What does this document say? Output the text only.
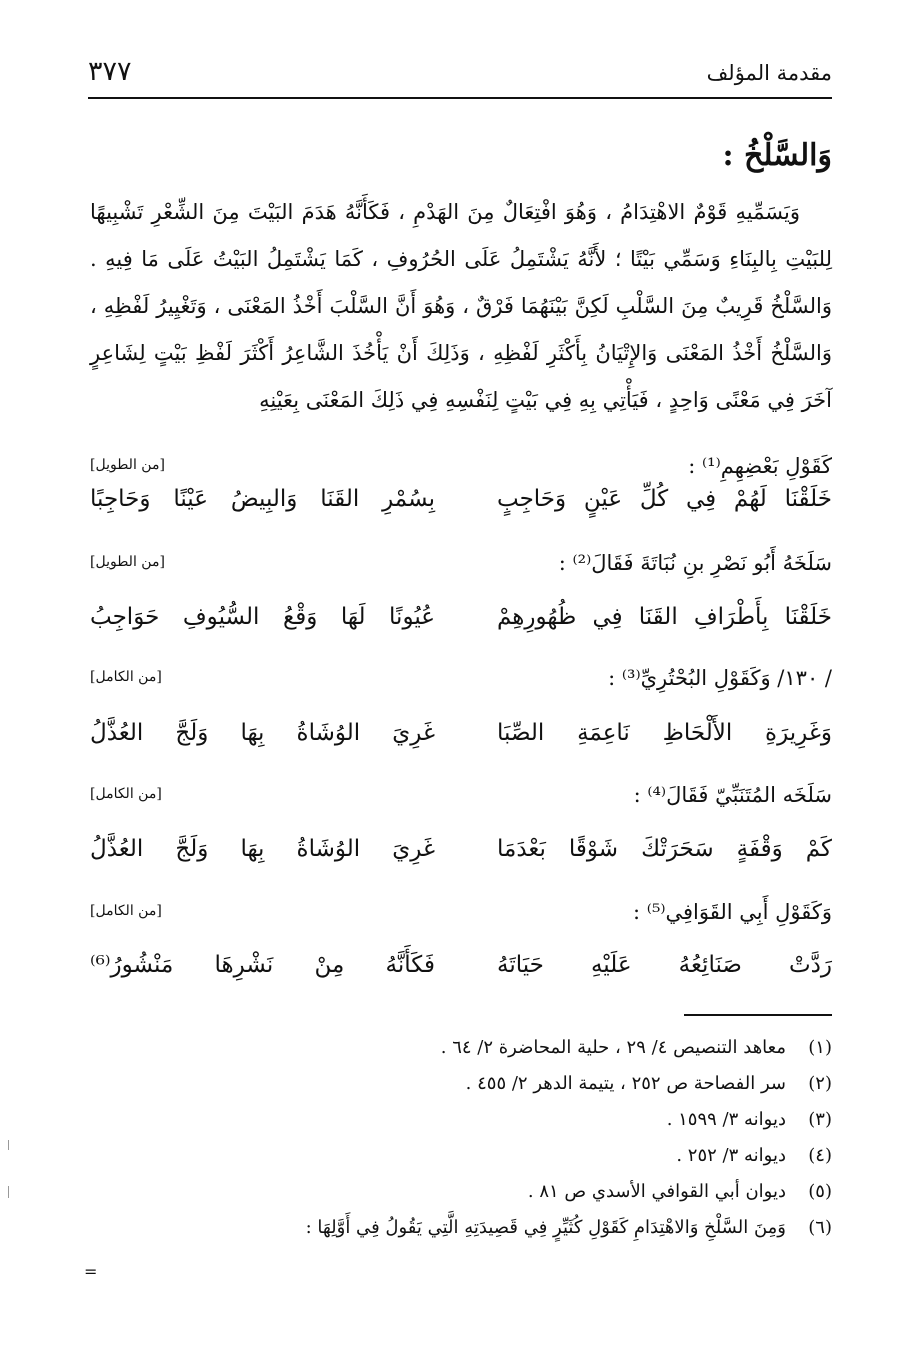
مقدمة المؤلف
٣٧٧
وَالسَّلْخُ :

وَيَسَمِّيهِ قَوْمٌ الاهْتِدَامُ ، وَهُوَ افْتِعَالٌ مِنَ الهَدْمِ ، فَكَأَنَّهُ هَدَمَ البَيْتَ مِنَ الشِّعْرِ تَشْبِيهًا لِلبَيْتِ بِالبِنَاءِ وَسَمِّي بَيْتًا ؛ لأَنَّهُ يَشْتَمِلُ عَلَى الحُرُوفِ ، كَمَا يَشْتَمِلُ البَيْتُ عَلَى مَا فِيهِ . وَالسَّلْخُ قَرِيبٌ مِنَ السَّلْبِ لَكِنَّ بَيْنَهُمَا فَرْقٌ ، وَهُوَ أَنَّ السَّلْبَ أَخْذُ المَعْنَى ، وَتَغْيِيرُ لَفْظِهِ ، وَالسَّلْخُ أَخْذُ المَعْنَى وَالإِتْيَانُ بِأَكْثَرِ لَفْظِهِ ، وَذَلِكَ أَنْ يَأْخُذَ الشَّاعِرُ أَكْثَرَ لَفْظِ بَيْتٍ لِشَاعِرٍ آخَرَ فِي مَعْنًى وَاحِدٍ ، فَيَأْتِي بِهِ فِي بَيْتٍ لِنَفْسِهِ فِي ذَلِكَ المَعْنَى بِعَيْنِهِ

كَقَوْلِ بَعْضِهِمِ⁽¹⁾ :
[من الطويل]
خَلَقْنَا لَهُمْ فِي كُلِّ عَيْنٍ وَحَاجِبٍ
بِسُمْرِ القَنَا وَالبِيضُ عَيْنًا وَحَاجِبًا
سَلَخَهُ أَبُو نَصْرِ بنِ نُبَاتَةَ فَقَالَ⁽²⁾ :
[من الطويل]
خَلَقْنَا بِأَطْرَافِ القَنَا فِي ظُهُورِهِمْ
عُيُونًا لَهَا وَقْعُ السُّيُوفِ حَوَاجِبُ
/ ١٣٠/ وَكَقَوْلِ البُحْتُرِيِّ⁽³⁾ :
[من الكامل]
وَغَرِيرَةِ الأَلْحَاظِ نَاعِمَةِ الصِّبَا
غَرِيَ الوُشَاةُ بِهَا وَلَجَّ العُذَّلُ
سَلَخَه المُتَنَبِّيّ فَقَالَ⁽⁴⁾ :
[من الكامل]
كَمْ وَقْفَةٍ سَحَرَتْكَ شَوْقًا بَعْدَمَا
غَرِيَ الوُشَاةُ بِهَا وَلَجَّ العُذَّلُ
وَكَقَوْلِ أَبِي القَوَافِي⁽⁵⁾ :
[من الكامل]
رَدَّتْ صَنَائِعُهُ عَلَيْهِ حَيَاتَهُ
فَكَأَنَّهُ مِنْ نَشْرِهَا مَنْشُورُ⁽⁶⁾
(١)معاهد التنصيص ٤/ ٢٩ ، حلية المحاضرة ٢/ ٦٤ .
(٢)سر الفصاحة ص ٢٥٢ ، يتيمة الدهر ٢/ ٤٥٥ .
(٣)ديوانه ٣/ ١٥٩٩ .
(٤)ديوانه ٣/ ٢٥٢ .
(٥)ديوان أبي القوافي الأسدي ص ٨١ .
(٦)وَمِنَ السَّلْخِ وَالاهْتِدَامِ كَقَوْلِ كُثَيِّرٍ فِي قَصِيدَتِهِ الَّتِي يَقُولُ فِي أَوَّلِهَا :
=
